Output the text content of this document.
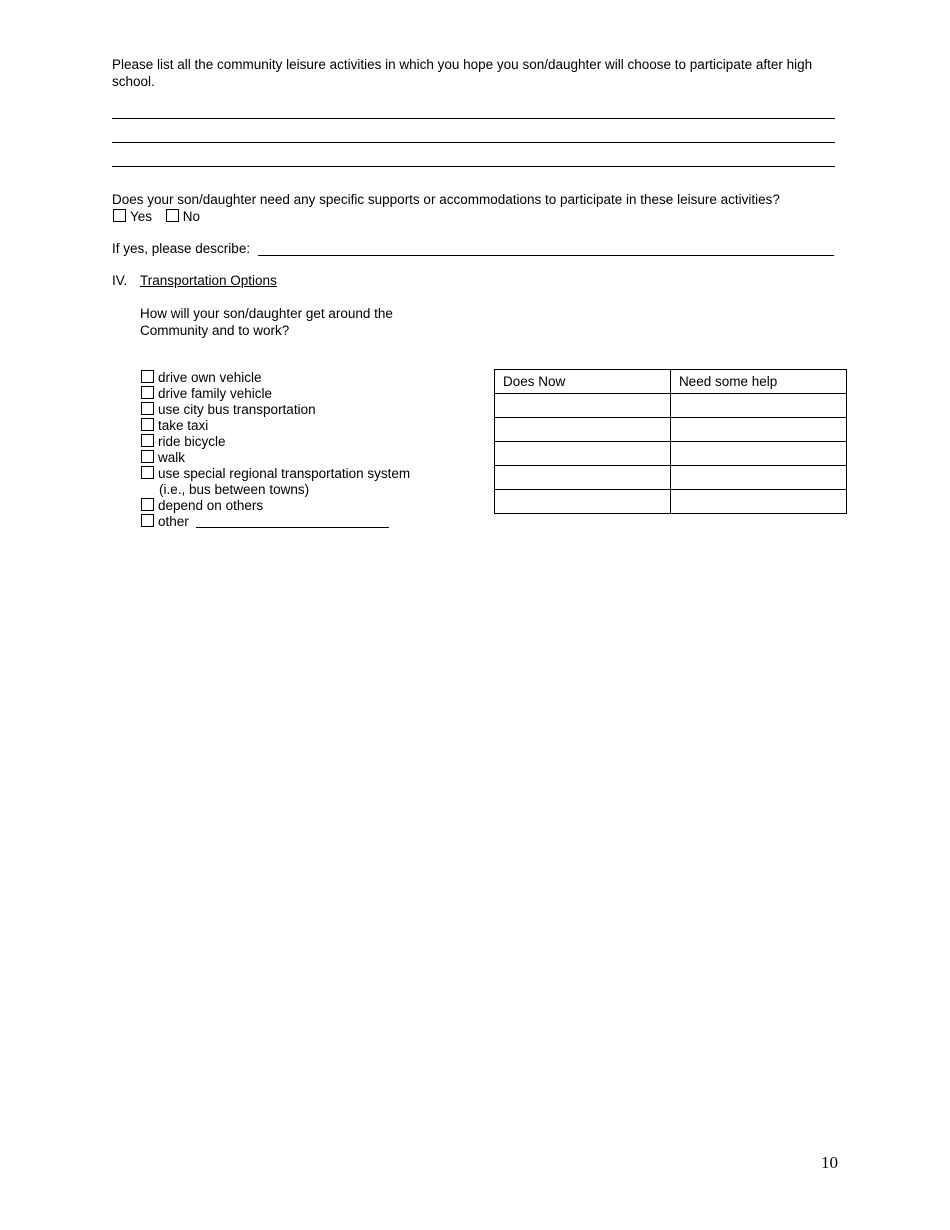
Please list all the community leisure activities in which you hope you son/daughter will choose to participate after high
school.
Does your son/daughter need any specific supports or accommodations to participate in these leisure activities?
Yes No
If yes, please describe:
IV. Transportation Options
How will your son/daughter get around the
Community and to work?
drive own vehicle
drive family vehicle
use city bus transportation
take taxi
ride bicycle
walk
use special regional transportation system
(i.e., bus between towns)
depend on others
other
Does Now	Need some help

10
